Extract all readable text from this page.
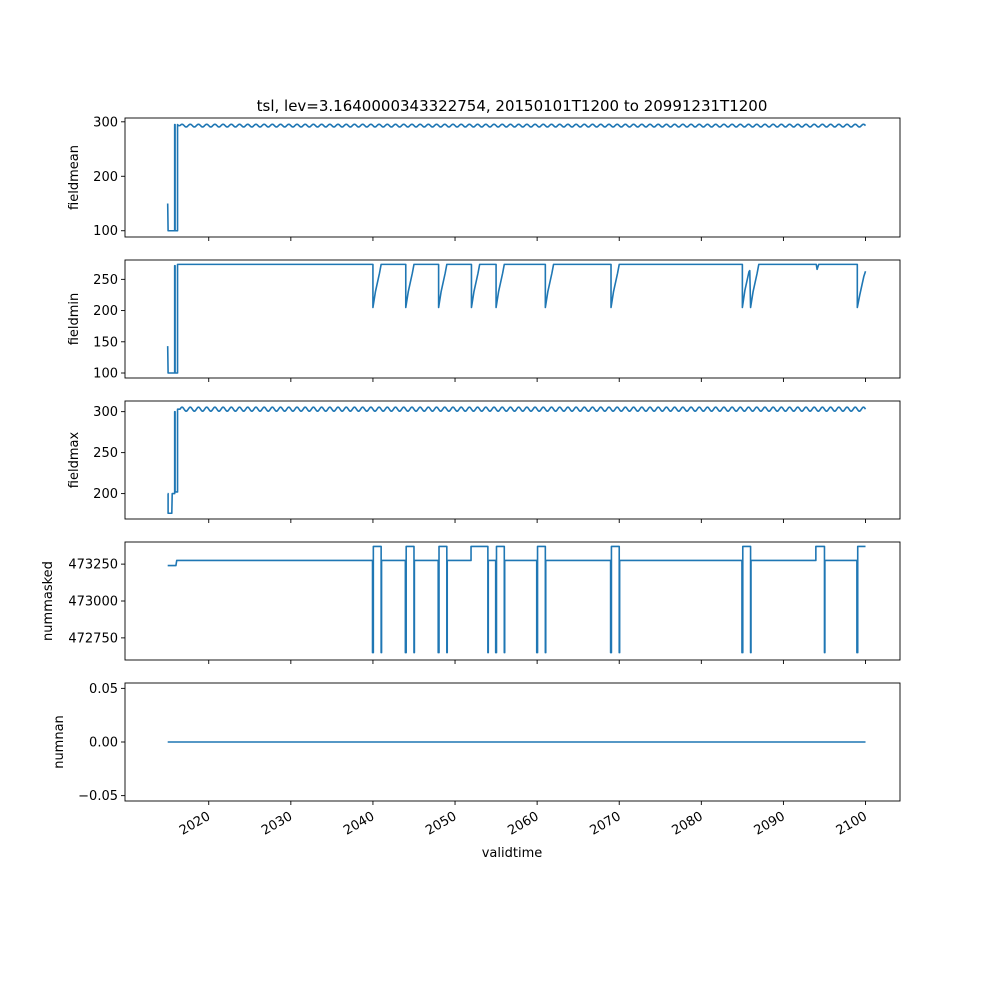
tsl, lev=3.1640000343322754, 20150101T1200 to 20991231T1200
100
200
300
fieldmean
100
150
200
250
fieldmin
200
250
300
fieldmax
472750
473000
473250
nummasked
−0.05
0.00
0.05
2020	2030	2040	2050	2060	2070	2080	2090	2100
numnan
validtime
